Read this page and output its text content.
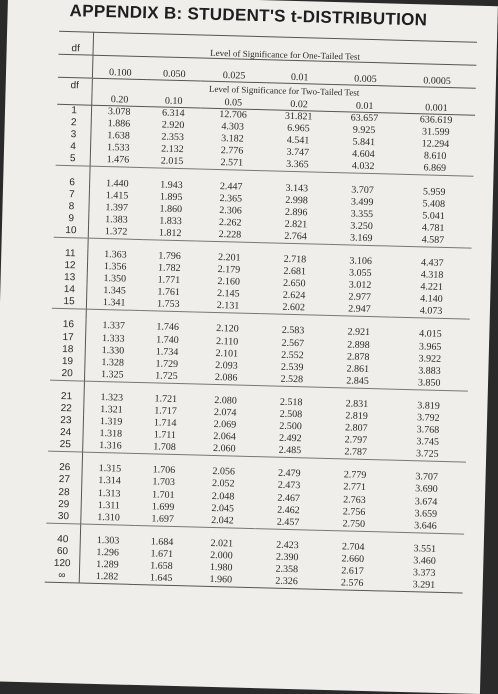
APPENDIX B: STUDENT'S t-DISTRIBUTION
df	Level of Significance for One-Tailed Test					
	0.100	0.050	0.025	0.01	0.005	0.0005
df	Level of Significance for Two-Tailed Test					
	0.20	0.10	0.05	0.02	0.01	0.001
1	3.078	6.314	12.706	31.821	63.657	636.619
2	1.886	2.920	4.303	6.965	9.925	31.599
3	1.638	2.353	3.182	4.541	5.841	12.294
4	1.533	2.132	2.776	3.747	4.604	8.610
5	1.476	2.015	2.571	3.365	4.032	6.869

6	1.440	1.943	2.447	3.143	3.707	5.959
7	1.415	1.895	2.365	2.998	3.499	5.408
8	1.397	1.860	2.306	2.896	3.355	5.041
9	1.383	1.833	2.262	2.821	3.250	4.781
10	1.372	1.812	2.228	2.764	3.169	4.587

11	1.363	1.796	2.201	2.718	3.106	4.437
12	1.356	1.782	2.179	2.681	3.055	4.318
13	1.350	1.771	2.160	2.650	3.012	4.221
14	1.345	1.761	2.145	2.624	2.977	4.140
15	1.341	1.753	2.131	2.602	2.947	4.073

16	1.337	1.746	2.120	2.583	2.921	4.015
17	1.333	1.740	2.110	2.567	2.898	3.965
18	1.330	1.734	2.101	2.552	2.878	3.922
19	1.328	1.729	2.093	2.539	2.861	3.883
20	1.325	1.725	2.086	2.528	2.845	3.850

21	1.323	1.721	2.080	2.518	2.831	3.819
22	1.321	1.717	2.074	2.508	2.819	3.792
23	1.319	1.714	2.069	2.500	2.807	3.768
24	1.318	1.711	2.064	2.492	2.797	3.745
25	1.316	1.708	2.060	2.485	2.787	3.725

26	1.315	1.706	2.056	2.479	2.779	3.707
27	1.314	1.703	2.052	2.473	2.771	3.690
28	1.313	1.701	2.048	2.467	2.763	3.674
29	1.311	1.699	2.045	2.462	2.756	3.659
30	1.310	1.697	2.042	2.457	2.750	3.646

40	1.303	1.684	2.021	2.423	2.704	3.551
60	1.296	1.671	2.000	2.390	2.660	3.460
120	1.289	1.658	1.980	2.358	2.617	3.373
∞	1.282	1.645	1.960	2.326	2.576	3.291
